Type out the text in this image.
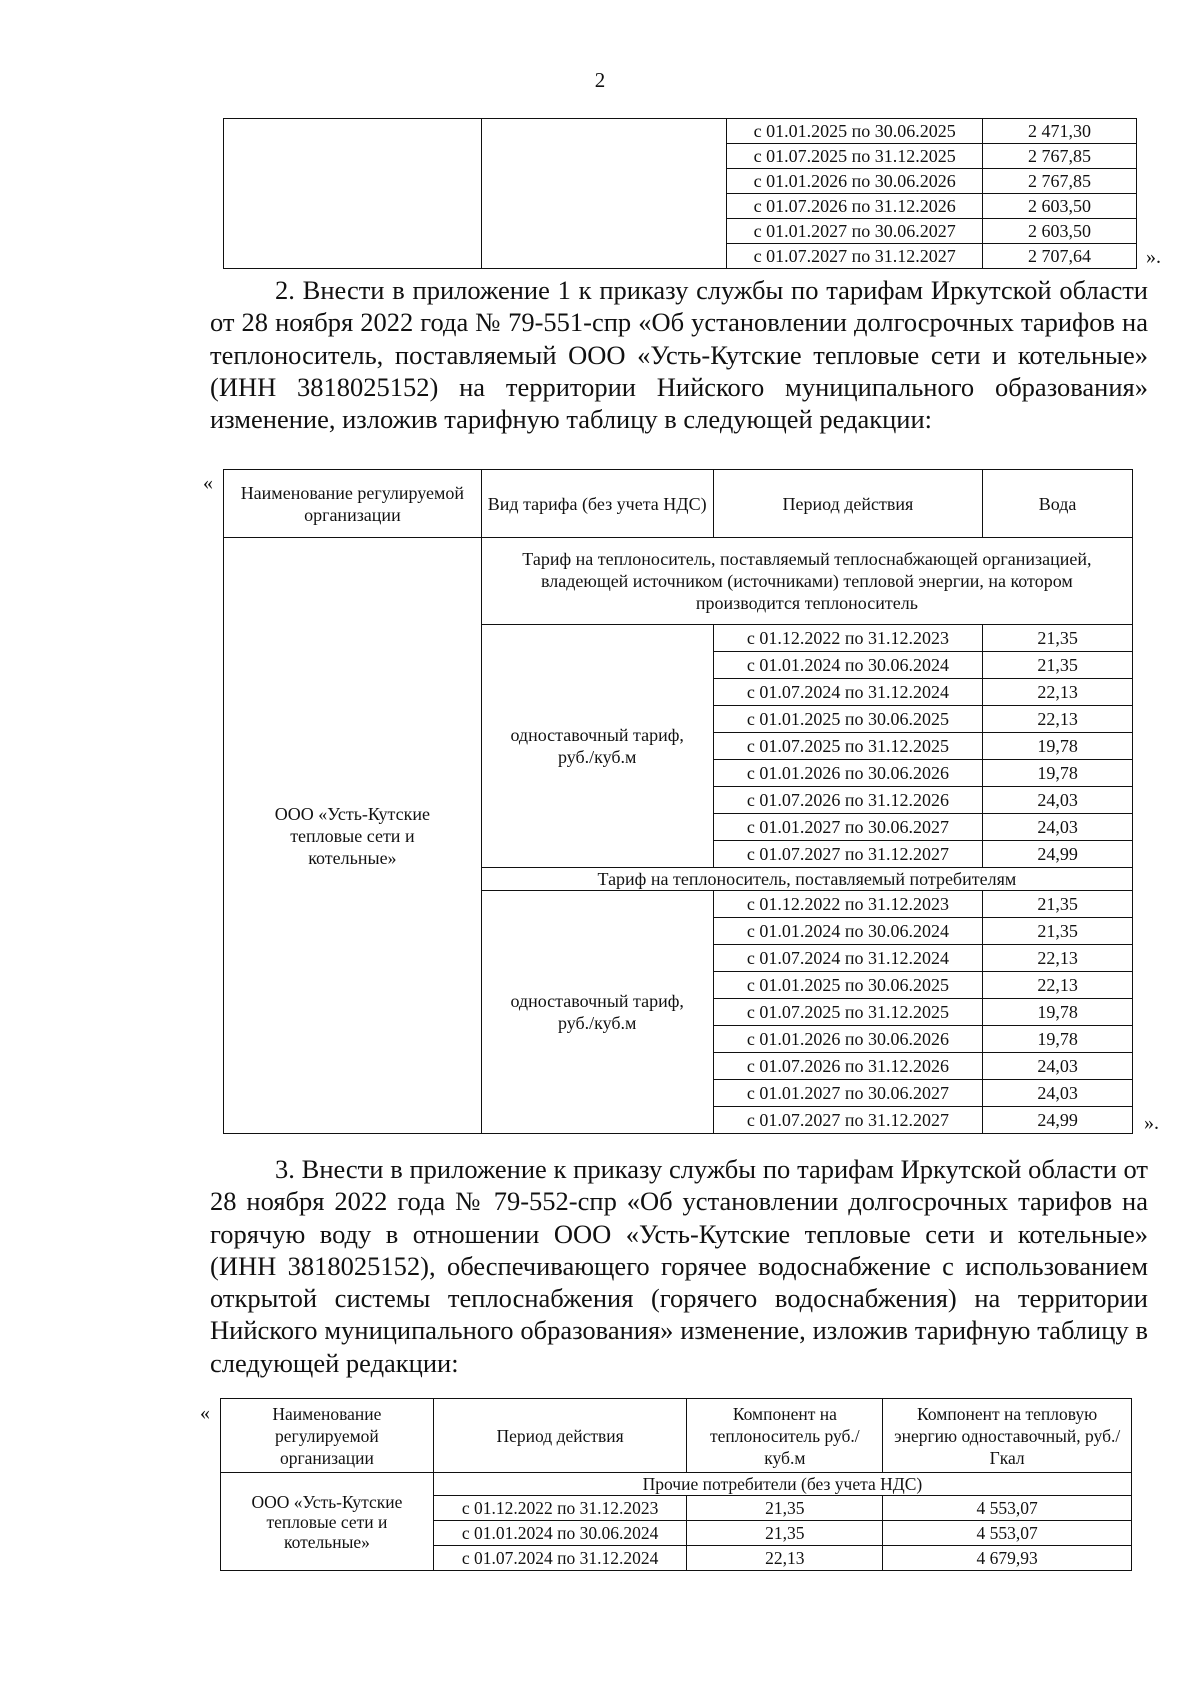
2
		с 01.01.2025 по 30.06.2025	2 471,30
		с 01.07.2025 по 31.12.2025	2 767,85
		с 01.01.2026 по 30.06.2026	2 767,85
		с 01.07.2026 по 31.12.2026	2 603,50
		с 01.01.2027 по 30.06.2027	2 603,50
		с 01.07.2027 по 31.12.2027	2 707,64	».
2. Внести в приложение 1 к приказу службы по тарифам Иркутской области от 28 ноября 2022 года № 79-551-спр «Об установлении долгосрочных тарифов на теплоноситель, поставляемый ООО «Усть-Кутские тепловые сети и котельные» (ИНН 3818025152) на территории Нийского муниципального образования» изменение, изложив тарифную таблицу в следующей редакции:
« Наименование регулируемой организации	Вид тарифа (без учета НДС)	Период действия	Вода
ООО «Усть-Кутские тепловые сети и котельные»	Тариф на теплоноситель, поставляемый теплоснабжающей организацией, владеющей источником (источниками) тепловой энергии, на котором производится теплоноситель		
	одноставочный тариф, руб./куб.м	с 01.12.2022 по 31.12.2023	21,35
		с 01.01.2024 по 30.06.2024	21,35
		с 01.07.2024 по 31.12.2024	22,13
		с 01.01.2025 по 30.06.2025	22,13
		с 01.07.2025 по 31.12.2025	19,78
		с 01.01.2026 по 30.06.2026	19,78
		с 01.07.2026 по 31.12.2026	24,03
		с 01.01.2027 по 30.06.2027	24,03
		с 01.07.2027 по 31.12.2027	24,99
	Тариф на теплоноситель, поставляемый потребителям		
	одноставочный тариф, руб./куб.м	с 01.12.2022 по 31.12.2023	21,35
		с 01.01.2024 по 30.06.2024	21,35
		с 01.07.2024 по 31.12.2024	22,13
		с 01.01.2025 по 30.06.2025	22,13
		с 01.07.2025 по 31.12.2025	19,78
		с 01.01.2026 по 30.06.2026	19,78
		с 01.07.2026 по 31.12.2026	24,03
		с 01.01.2027 по 30.06.2027	24,03
		с 01.07.2027 по 31.12.2027	24,99	».
3. Внести в приложение к приказу службы по тарифам Иркутской области от 28 ноября 2022 года № 79-552-спр «Об установлении долгосрочных тарифов на горячую воду в отношении ООО «Усть-Кутские тепловые сети и котельные» (ИНН 3818025152), обеспечивающего горячее водоснабжение с использованием открытой системы теплоснабжения (горячего водоснабжения) на территории Нийского муниципального образования» изменение, изложив тарифную таблицу в следующей редакции:
«	Наименование регулируемой организации	Период действия	Компонент на теплоноситель руб./куб.м	Компонент на тепловую энергию одноставочный, руб./Гкал
ООО «Усть-Кутские тепловые сети и котельные»	Прочие потребители (без учета НДС)		
	с 01.12.2022 по 31.12.2023	21,35	4 553,07
	с 01.01.2024 по 30.06.2024	21,35	4 553,07
	с 01.07.2024 по 31.12.2024	22,13	4 679,93
